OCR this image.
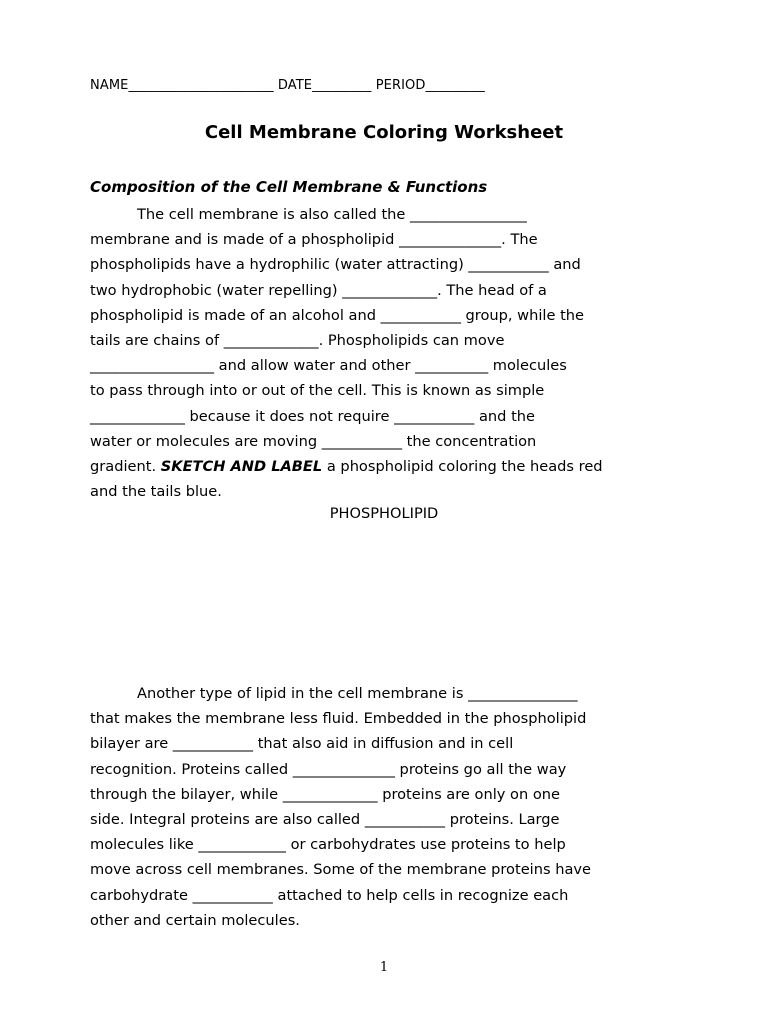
NAME______________________ DATE_________ PERIOD_________
Cell Membrane Coloring Worksheet
Composition of the Cell Membrane & Functions
The cell membrane is also called the ________________
membrane and is made of a phospholipid ______________. The
phospholipids have a hydrophilic (water attracting) ___________ and
two hydrophobic (water repelling) _____________. The head of a
phospholipid is made of an alcohol and ___________ group, while the
tails are chains of _____________. Phospholipids can move
_________________ and allow water and other __________ molecules
to pass through into or out of the cell. This is known as simple
_____________ because it does not require ___________ and the
water or molecules are moving ___________ the concentration
gradient. SKETCH AND LABEL a phospholipid coloring the heads red
and the tails blue.
PHOSPHOLIPID
Another type of lipid in the cell membrane is _______________
that makes the membrane less fluid. Embedded in the phospholipid
bilayer are ___________ that also aid in diffusion and in cell
recognition. Proteins called ______________ proteins go all the way
through the bilayer, while _____________ proteins are only on one
side. Integral proteins are also called ___________ proteins. Large
molecules like ____________ or carbohydrates use proteins to help
move across cell membranes. Some of the membrane proteins have
carbohydrate ___________ attached to help cells in recognize each
other and certain molecules.
1
